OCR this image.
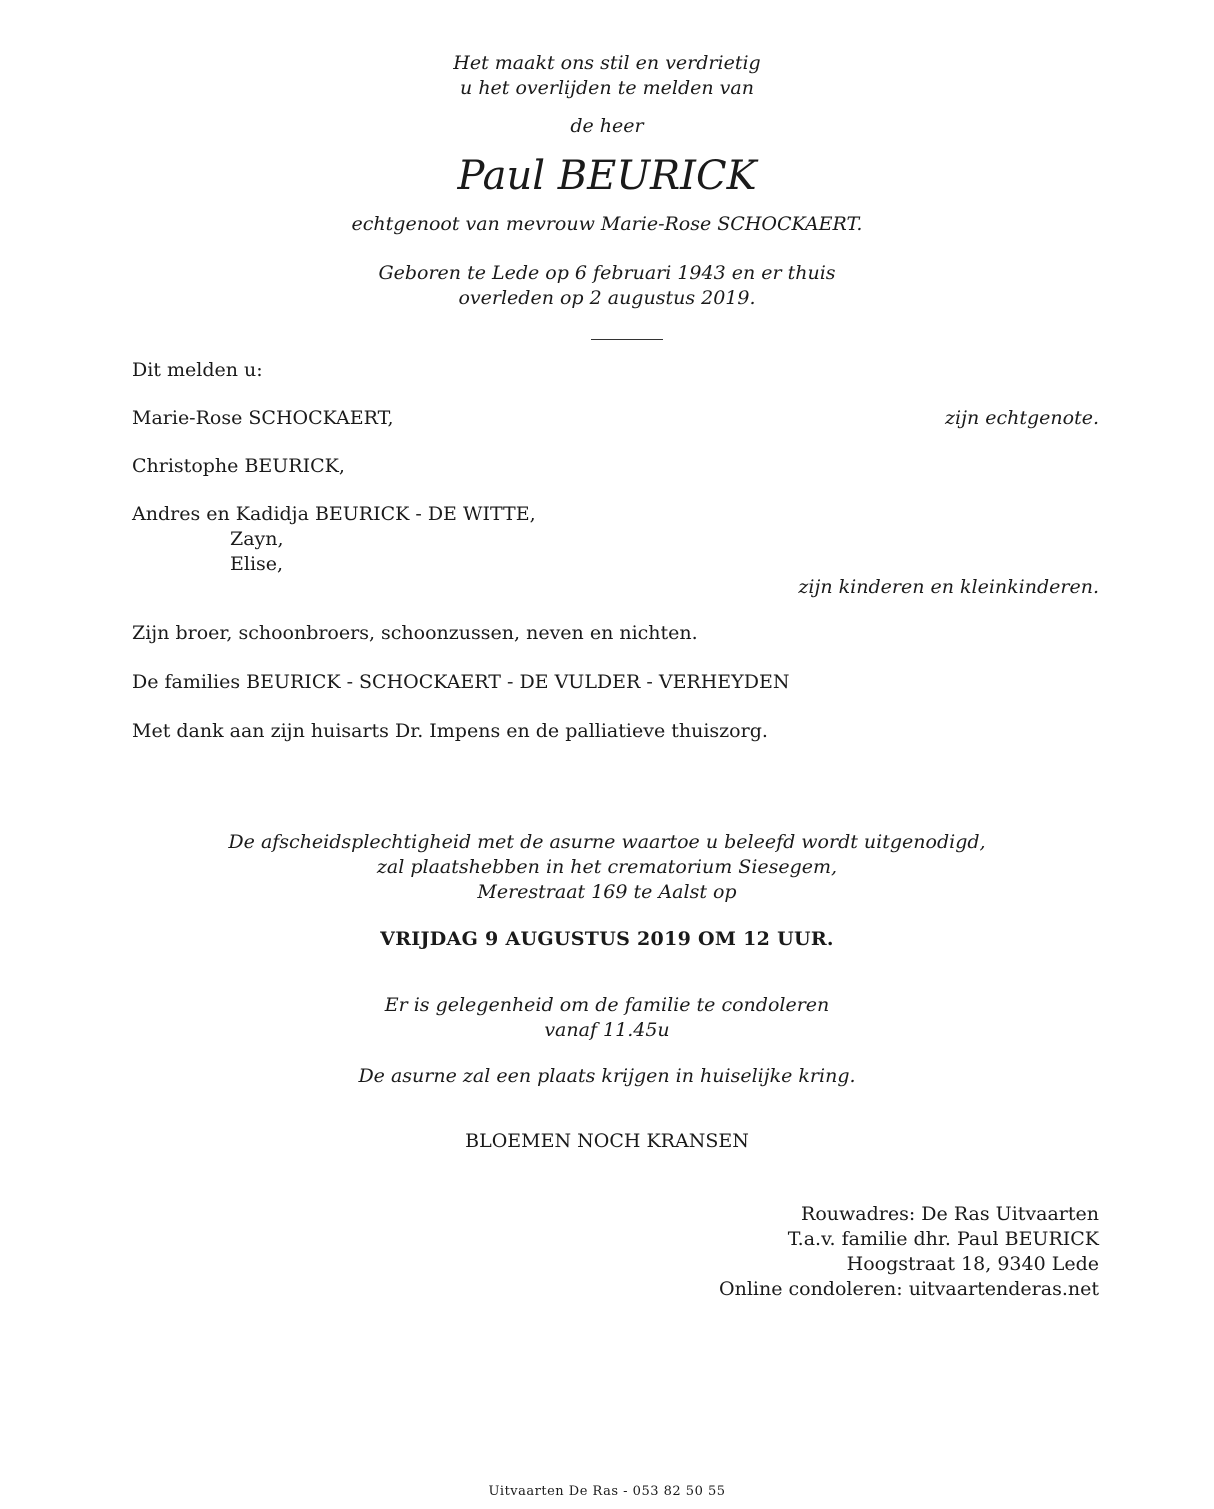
Het maakt ons stil en verdrietig
u het overlijden te melden van
de heer
Paul BEURICK
echtgenoot van mevrouw Marie-Rose SCHOCKAERT.
Geboren te Lede op 6 februari 1943 en er thuis
overleden op 2 augustus 2019.
Dit melden u:
Marie-Rose SCHOCKAERT,	zijn echtgenote.
Christophe BEURICK,
Andres en Kadidja BEURICK - DE WITTE,
Zayn,
Elise,
zijn kinderen en kleinkinderen.
Zijn broer, schoonbroers, schoonzussen, neven en nichten.
De families BEURICK - SCHOCKAERT - DE VULDER - VERHEYDEN
Met dank aan zijn huisarts Dr. Impens en de palliatieve thuiszorg.
De afscheidsplechtigheid met de asurne waartoe u beleefd wordt uitgenodigd,
zal plaatshebben in het crematorium Siesegem,
Merestraat 169 te Aalst op
VRIJDAG 9 AUGUSTUS 2019 OM 12 UUR.
Er is gelegenheid om de familie te condoleren
vanaf 11.45u
De asurne zal een plaats krijgen in huiselijke kring.
BLOEMEN NOCH KRANSEN
Rouwadres: De Ras Uitvaarten
T.a.v. familie dhr. Paul BEURICK
Hoogstraat 18, 9340 Lede
Online condoleren: uitvaartenderas.net
Uitvaarten De Ras - 053 82 50 55
